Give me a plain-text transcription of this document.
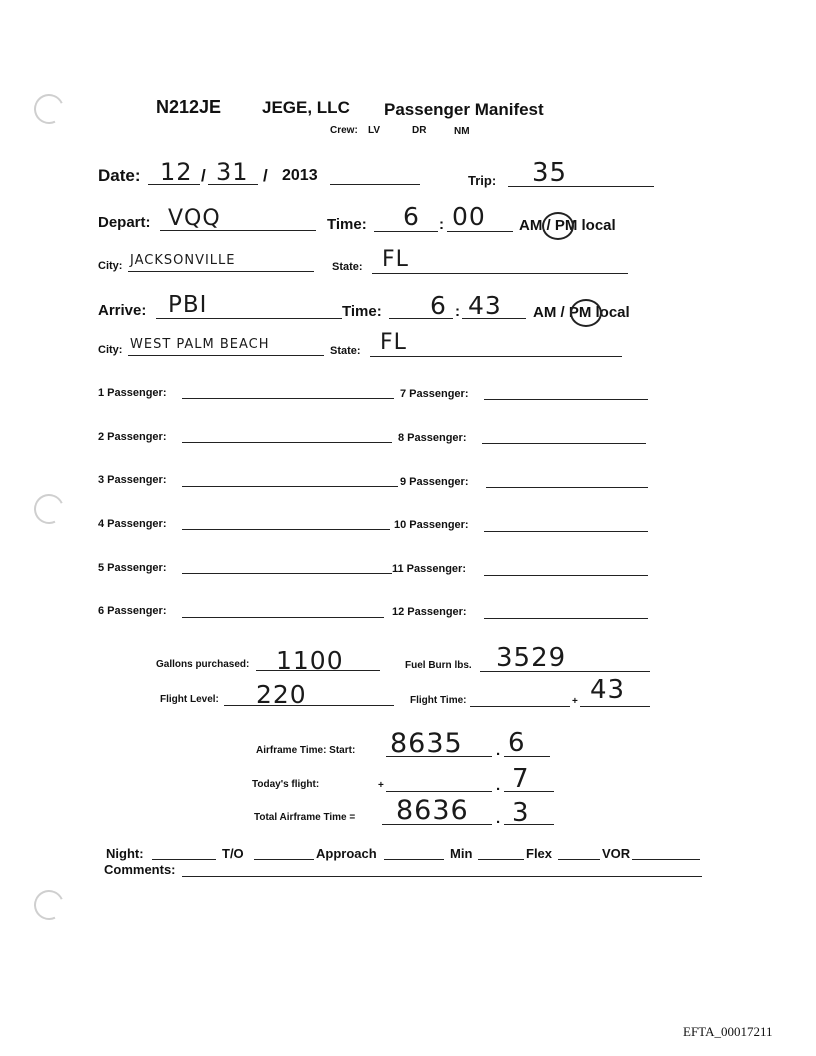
N212JE JEGE, LLC Passenger Manifest
Crew: LV	DR	NM
Date: 12 / 31 / 2013	Trip: 35
Depart: VQQ	Time: 6 : 00 AM / PM local
City: JACKSONVILLE	State: FL
Arrive: PBI	Time: 6 : 43 AM / PM local
City: WEST PALM BEACH	State: FL
1 Passenger:	7 Passenger:
2 Passenger:	8 Passenger:
3 Passenger:	9 Passenger:
4 Passenger:	10 Passenger:
5 Passenger:	11 Passenger:
6 Passenger:	12 Passenger:
Gallons purchased: 1100	Fuel Burn lbs. 3529
Flight Level: 220	Flight Time:	+ 43
Airframe Time: Start: 8635 . 6
Today's flight:	+	. 7
Total Airframe Time = 8636 . 3
Night:	T/O	Approach	Min	Flex	VOR
Comments:
EFTA_00017211
